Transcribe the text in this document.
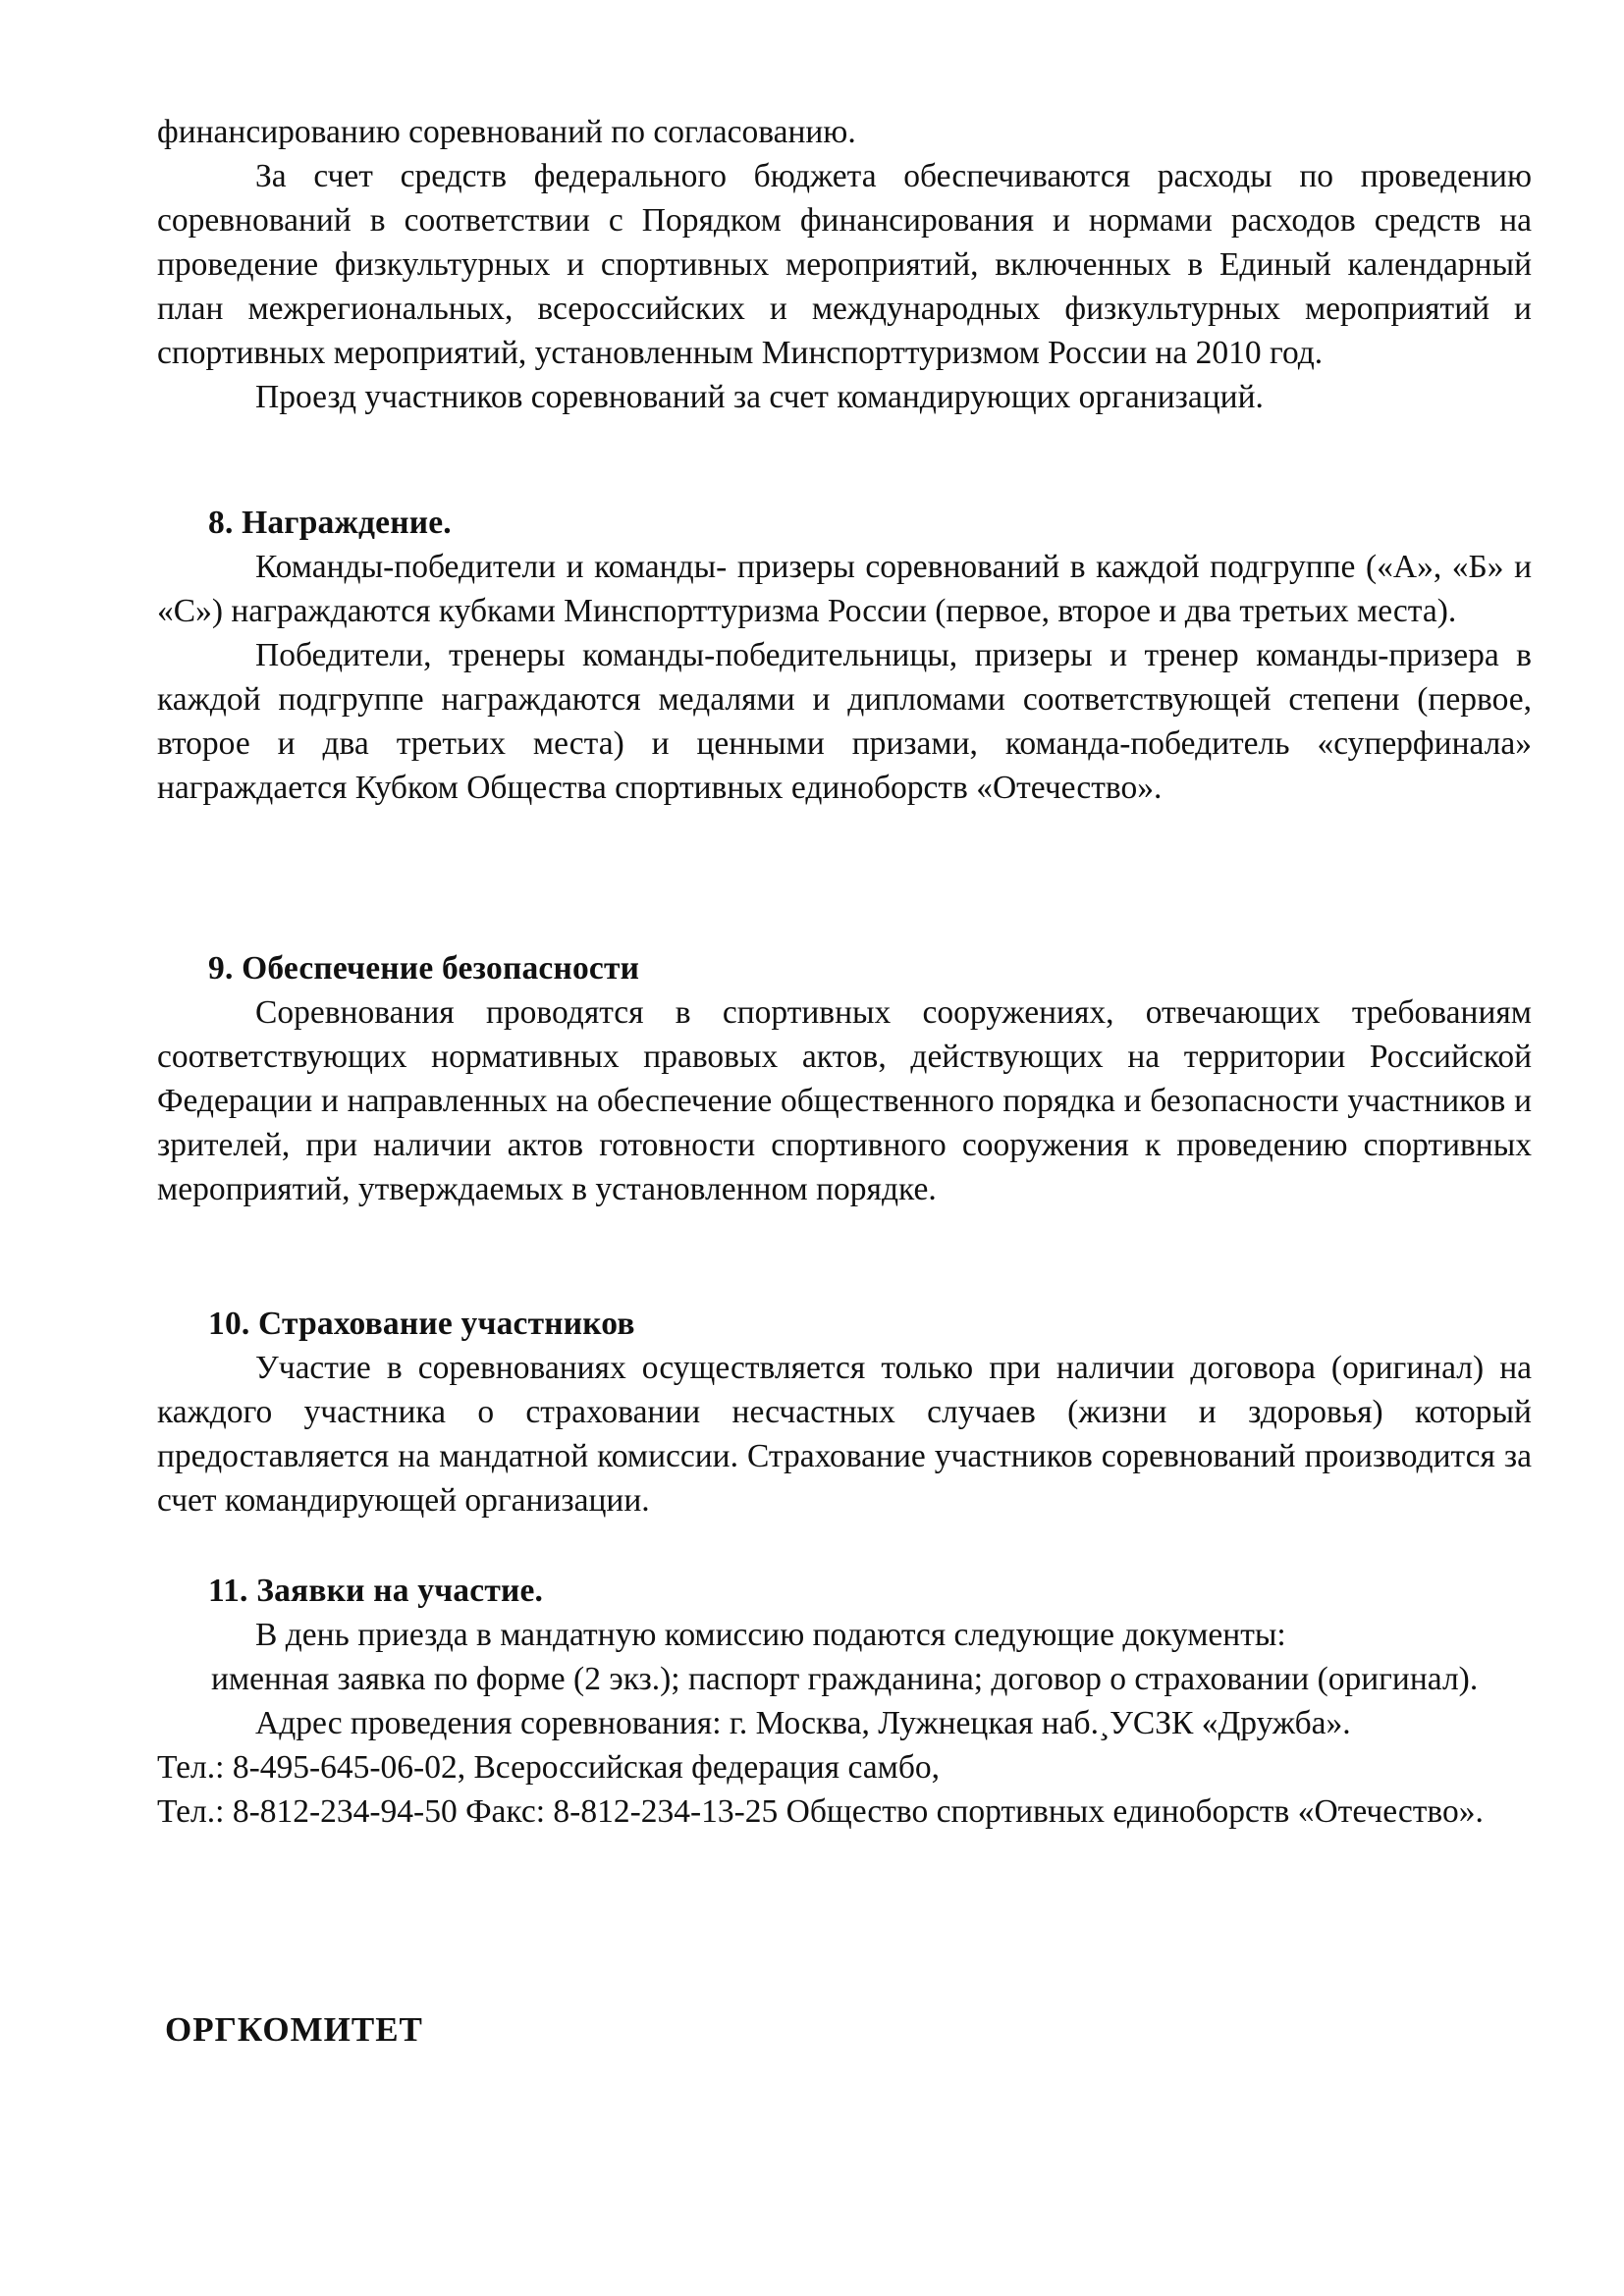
финансированию соревнований по согласованию.

За счет средств федерального бюджета обеспечиваются расходы по проведению соревнований в соответствии с Порядком финансирования и нормами расходов средств на проведение физкультурных и спортивных мероприятий, включенных в Единый календарный план межрегиональных, всероссийских и международных физкультурных мероприятий и спортивных мероприятий, установленным Минспорттуризмом России на 2010 год.

Проезд участников соревнований за счет командирующих организаций.

8. Награждение.

Команды-победители и команды- призеры соревнований в каждой подгруппе («А», «Б» и «С») награждаются кубками Минспорттуризма России (первое, второе и два третьих места).

Победители, тренеры команды-победительницы, призеры и тренер команды-призера в каждой подгруппе награждаются медалями и дипломами соответствующей степени (первое, второе и два третьих места) и ценными призами, команда-победитель «суперфинала» награждается Кубком Общества спортивных единоборств «Отечество».

9. Обеспечение безопасности

Соревнования проводятся в спортивных сооружениях, отвечающих требованиям соответствующих нормативных правовых актов, действующих на территории Российской Федерации и направленных на обеспечение общественного порядка и безопасности участников и зрителей, при наличии актов готовности спортивного сооружения к проведению спортивных мероприятий, утверждаемых в установленном порядке.

10. Страхование участников

Участие в соревнованиях осуществляется только при наличии договора (оригинал) на каждого участника о страховании несчастных случаев (жизни и здоровья) который предоставляется на мандатной комиссии. Страхование участников соревнований производится за счет командирующей организации.

11. Заявки на участие.

В день приезда в мандатную комиссию подаются следующие документы:

именная заявка по форме (2 экз.); паспорт гражданина; договор о страховании (оригинал).

Адрес проведения соревнования: г. Москва, Лужнецкая наб.¸УСЗК «Дружба».

Тел.: 8-495-645-06-02, Всероссийская федерация самбо,

Тел.: 8-812-234-94-50 Факс: 8-812-234-13-25 Общество спортивных единоборств «Отечество».

ОРГКОМИТЕТ
